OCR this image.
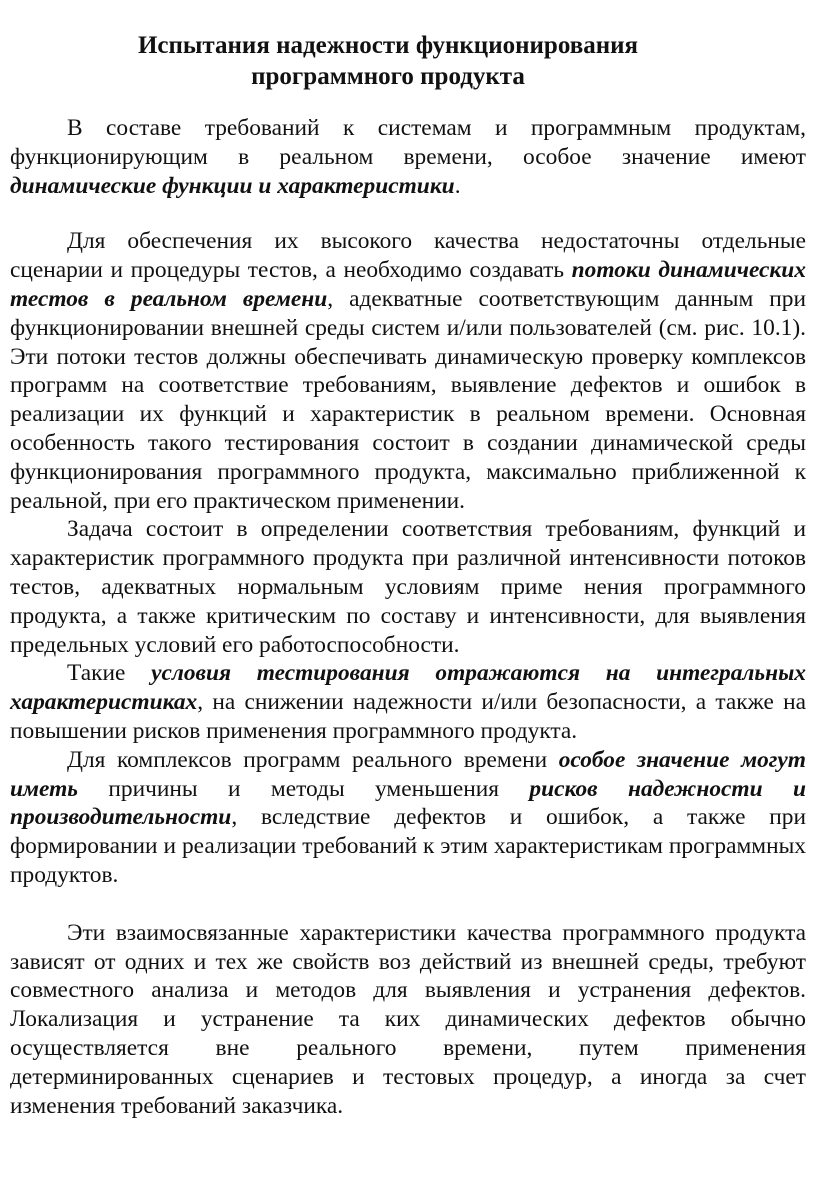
Испытания надежности функционирования
программного продукта

В составе требований к системам и программным продуктам, функционирующим в реальном времени, особое значение имеют динамические функции и характеристики.

Для обеспечения их высокого качества недостаточны отдельные сценарии и процедуры тестов, а необходимо создавать потоки динамических тестов в реальном времени, адекватные соответствующим данным при функционировании внешней среды систем и/или пользователей (см. рис. 10.1). Эти потоки тестов должны обеспечивать динамическую проверку комплексов программ на соответствие требованиям, выявление дефектов и ошибок в реализации их функций и характеристик в реальном времени. Основная особенность такого тестирования состоит в создании динамической среды функционирования программного продукта, максимально приближенной к реальной, при его практическом применении.

Задача состоит в определении соответствия требованиям, функций и характеристик программного продукта при различной интенсивности потоков тестов, адекватных нормальным условиям приме нения программного продукта, а также критическим по составу и интенсивности, для выявления предельных условий его работоспособности.

Такие условия тестирования отражаются на интегральных характеристиках, на снижении надежности и/или безопасности, а также на повышении рисков применения программного продукта.

Для комплексов программ реального времени особое значение могут иметь причины и методы уменьшения рисков надежности и производительности, вследствие дефектов и ошибок, а также при формировании и реализации требований к этим характеристикам программных продуктов.

Эти взаимосвязанные характеристики качества программного продукта зависят от одних и тех же свойств воз действий из внешней среды, требуют совместного анализа и методов для выявления и устранения дефектов. Локализация и устранение та ких динамических дефектов обычно осуществляется вне реального времени, путем применения детерминированных сценариев и тестовых процедур, а иногда за счет изменения требований заказчика.
